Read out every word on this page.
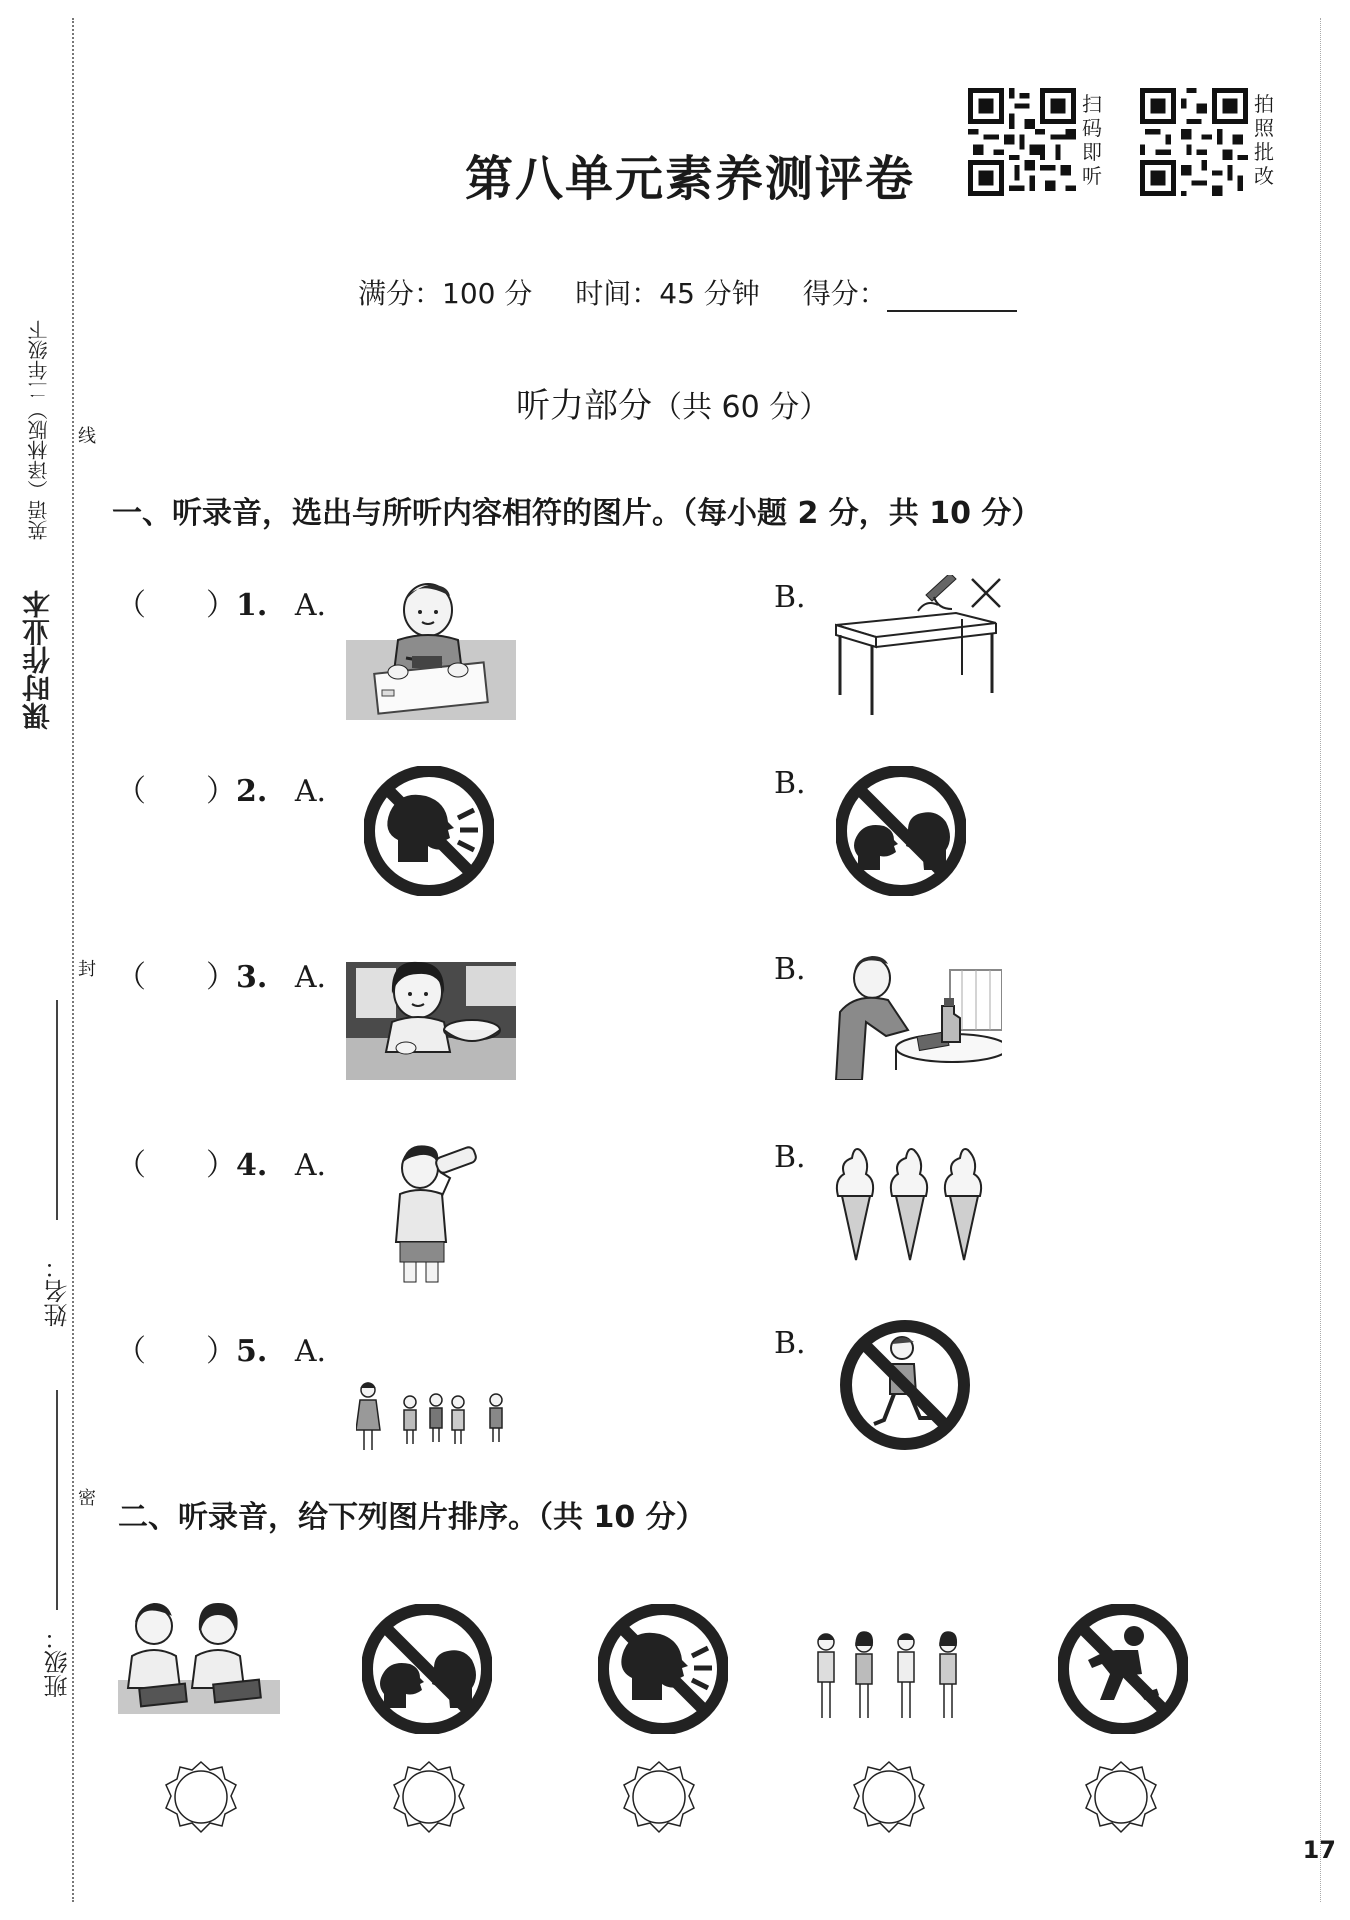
课时作业本
英语（译林版）二年级下 线
封
密
姓名：
班级：
第八单元素养测评卷
扫码即听
拍照批改
满分：100 分 时间：45 分钟 得分：
听力部分（共 60 分）
一、听录音，选出与所听内容相符的图片。（每小题 2 分，共 10 分）
（　　）1. A.	B.
（　　）2. A.	B.
（　　）3. A.	B.
（　　）4. A.	B.
（　　）5. A.	B.
二、听录音，给下列图片排序。（共 10 分）
17
